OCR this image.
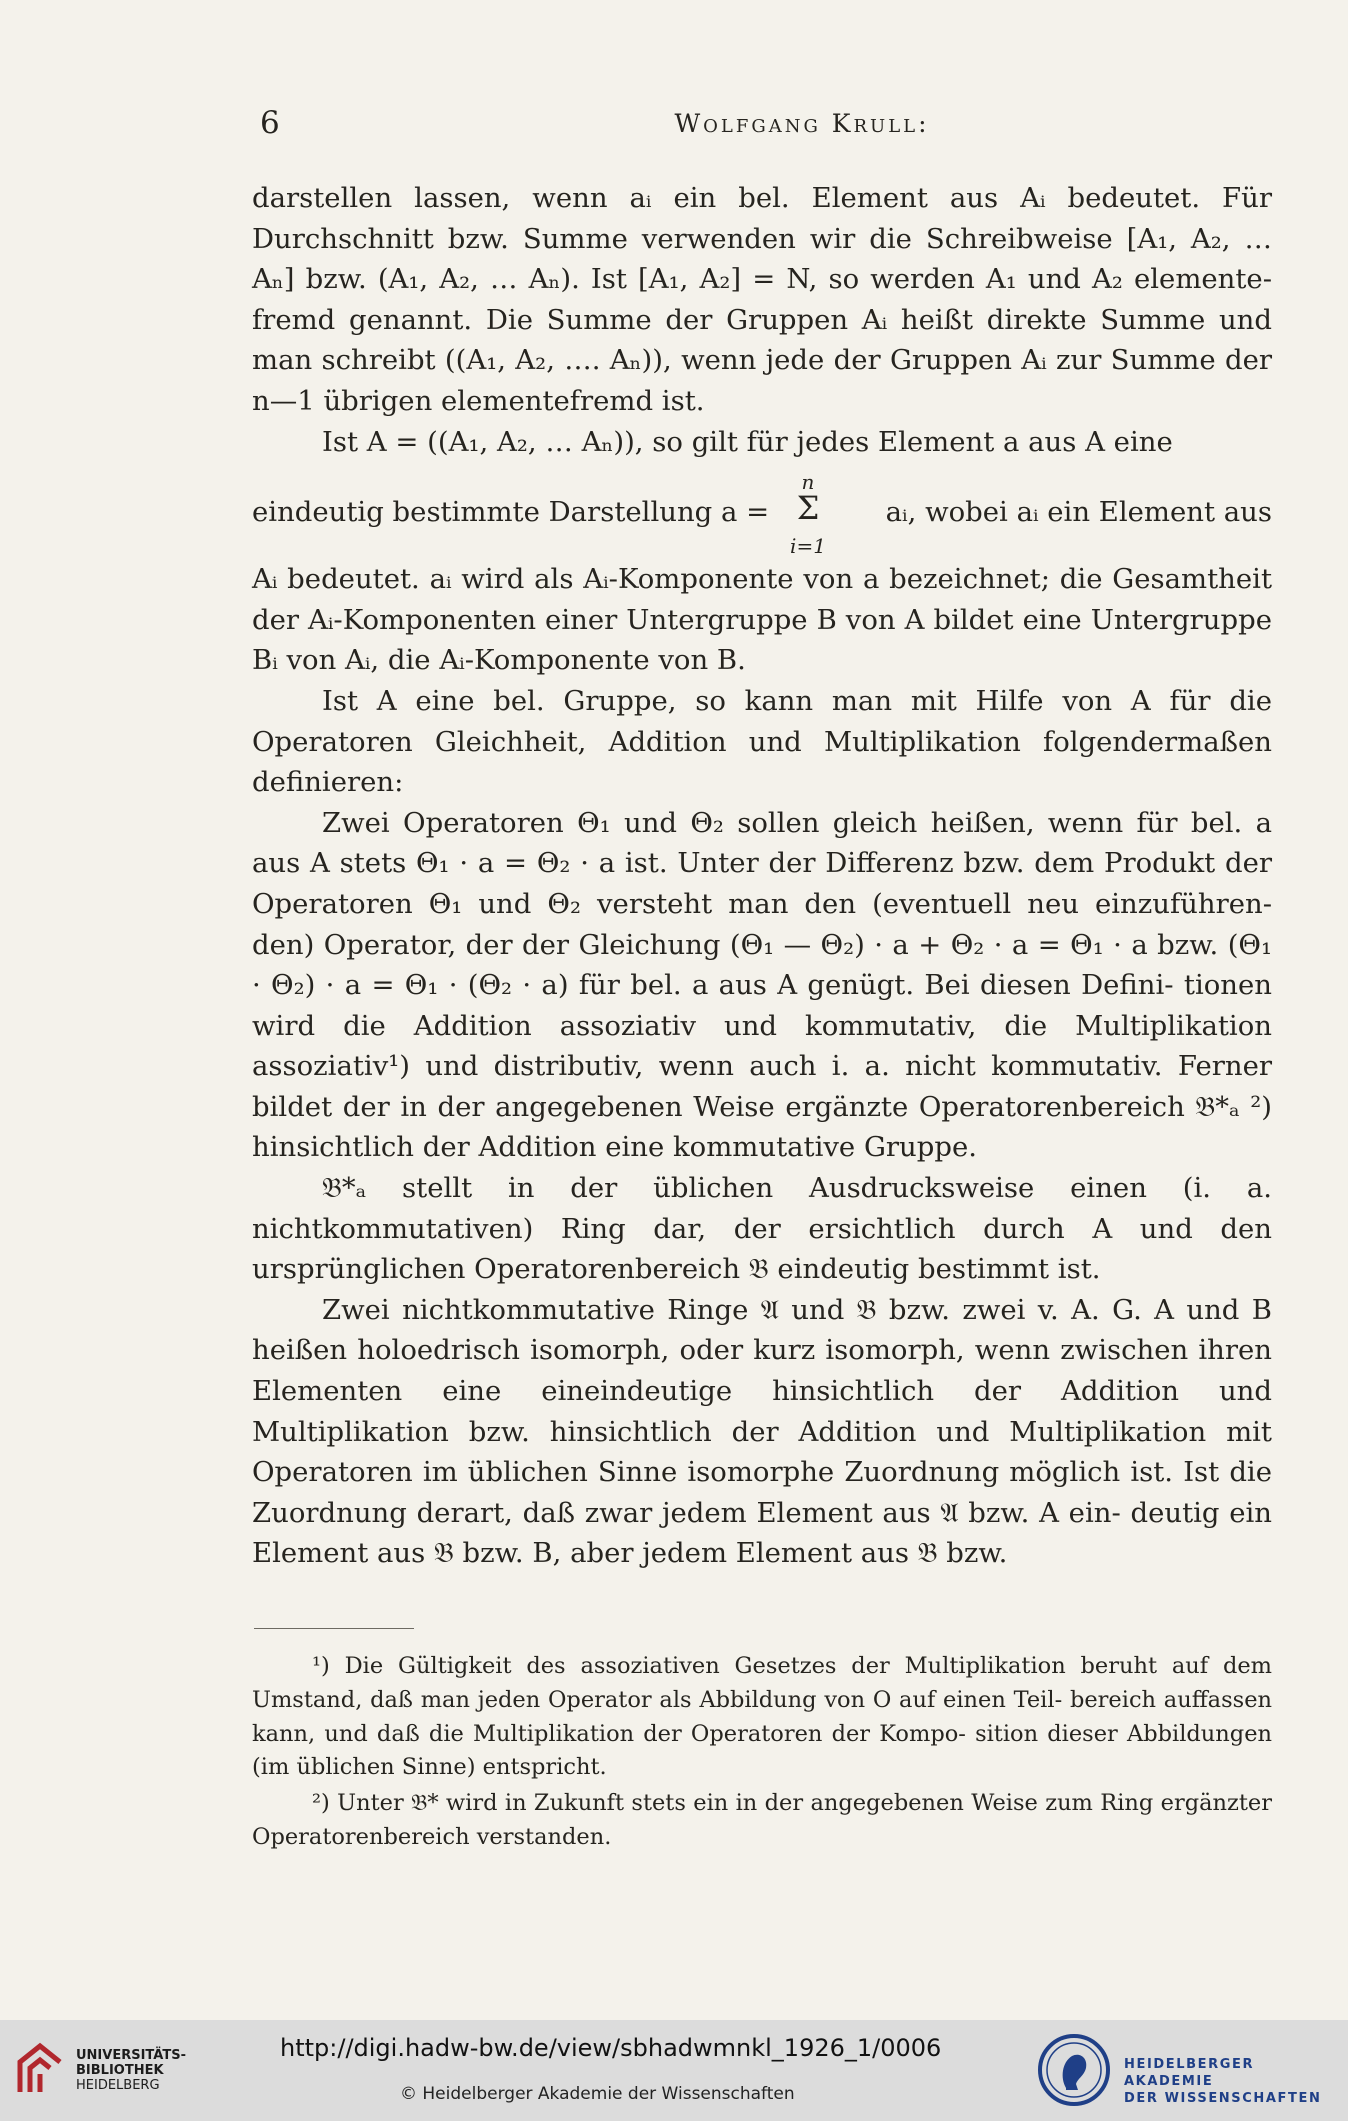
6	Wolfgang Krull:

darstellen lassen, wenn aᵢ ein bel. Element aus Aᵢ bedeutet. Für Durchschnitt bzw. Summe verwenden wir die Schreibweise [A₁, A₂, … Aₙ] bzw. (A₁, A₂, … Aₙ). Ist [A₁, A₂] = N, so werden A₁ und A₂ elemente- fremd genannt. Die Summe der Gruppen Aᵢ heißt direkte Summe und man schreibt ((A₁, A₂, …. Aₙ)), wenn jede der Gruppen Aᵢ zur Summe der n—1 übrigen elementefremd ist.

Ist A = ((A₁, A₂, … Aₙ)), so gilt für jedes Element a aus A eine

eindeutig bestimmte Darstellung a =
n
Σ
i=1
aᵢ, wobei aᵢ ein Element aus

Aᵢ bedeutet. aᵢ wird als Aᵢ-Komponente von a bezeichnet; die Gesamtheit der Aᵢ-Komponenten einer Untergruppe B von A bildet eine Untergruppe Bᵢ von Aᵢ, die Aᵢ-Komponente von B.

Ist A eine bel. Gruppe, so kann man mit Hilfe von A für die Operatoren Gleichheit, Addition und Multiplikation folgendermaßen definieren:

Zwei Operatoren Θ₁ und Θ₂ sollen gleich heißen, wenn für bel. a aus A stets Θ₁ · a = Θ₂ · a ist. Unter der Differenz bzw. dem Produkt der Operatoren Θ₁ und Θ₂ versteht man den (eventuell neu einzuführen- den) Operator, der der Gleichung (Θ₁ — Θ₂) · a + Θ₂ · a = Θ₁ · a bzw. (Θ₁ · Θ₂) · a = Θ₁ · (Θ₂ · a) für bel. a aus A genügt. Bei diesen Defini- tionen wird die Addition assoziativ und kommutativ, die Multiplikation assoziativ¹) und distributiv, wenn auch i. a. nicht kommutativ. Ferner bildet der in der angegebenen Weise ergänzte Operatorenbereich 𝔅*ₐ ²) hinsichtlich der Addition eine kommutative Gruppe.

𝔅*ₐ stellt in der üblichen Ausdrucksweise einen (i. a. nichtkommutativen) Ring dar, der ersichtlich durch A und den ursprünglichen Operatorenbereich 𝔅 eindeutig bestimmt ist.

Zwei nichtkommutative Ringe 𝔄 und 𝔅 bzw. zwei v. A. G. A und B heißen holoedrisch isomorph, oder kurz isomorph, wenn zwischen ihren Elementen eine eineindeutige hinsichtlich der Addition und Multiplikation bzw. hinsichtlich der Addition und Multiplikation mit Operatoren im üblichen Sinne isomorphe Zuordnung möglich ist. Ist die Zuordnung derart, daß zwar jedem Element aus 𝔄 bzw. A ein- deutig ein Element aus 𝔅 bzw. B, aber jedem Element aus 𝔅 bzw.

¹) Die Gültigkeit des assoziativen Gesetzes der Multiplikation beruht auf dem Umstand, daß man jeden Operator als Abbildung von O auf einen Teil- bereich auffassen kann, und daß die Multiplikation der Operatoren der Kompo- sition dieser Abbildungen (im üblichen Sinne) entspricht.

²) Unter 𝔅* wird in Zukunft stets ein in der angegebenen Weise zum Ring ergänzter Operatorenbereich verstanden.

UNIVERSITÄTS-
BIBLIOTHEK
HEIDELBERG
http://digi.hadw-bw.de/view/sbhadwmnkl_1926_1/0006
© Heidelberger Akademie der Wissenschaften
HEIDELBERGER AKADEMIE
DER WISSENSCHAFTEN
